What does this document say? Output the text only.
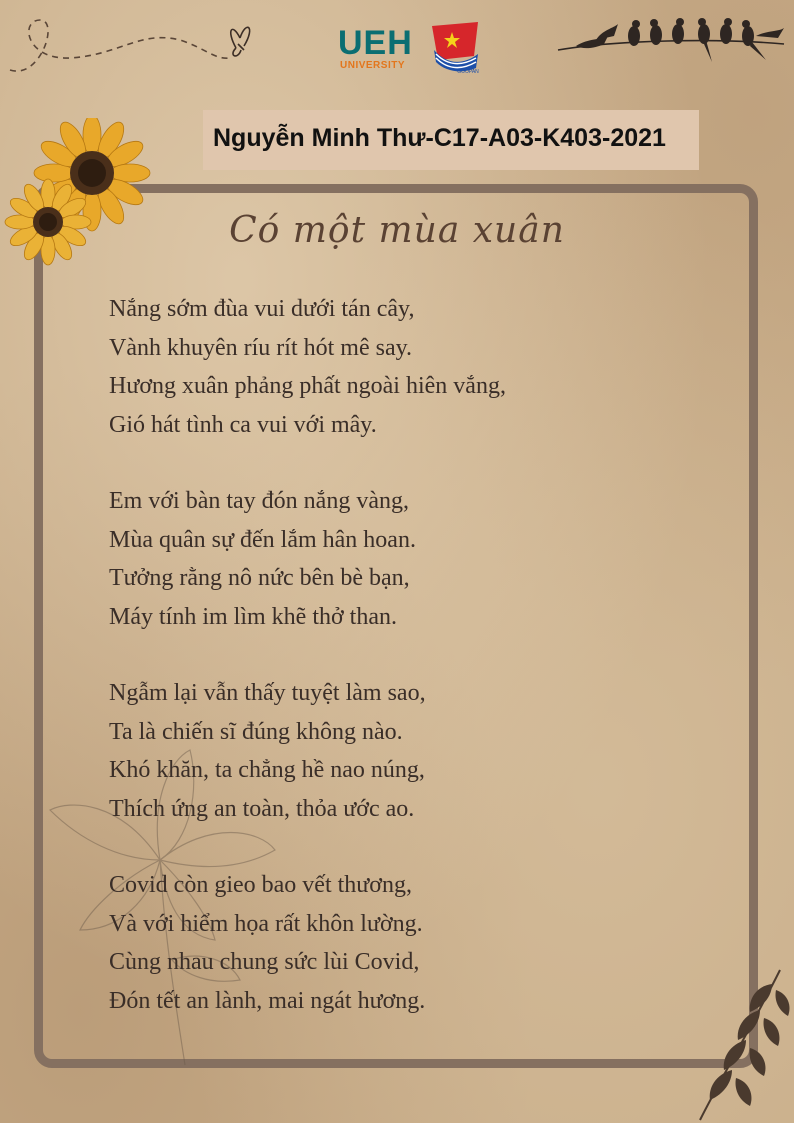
UEH
UNIVERSITY
GOOPAN
Nguyễn Minh Thư-C17-A03-K403-2021
Có một mùa xuân
Nắng sớm đùa vui dưới tán cây,
Vành khuyên ríu rít hót mê say.
Hương xuân phảng phất ngoài hiên vắng,
Gió hát tình ca vui với mây.
Em với bàn tay đón nắng vàng,
Mùa quân sự đến lắm hân hoan.
Tưởng rằng nô nức bên bè bạn,
Máy tính im lìm khẽ thở than.
Ngẫm lại vẫn thấy tuyệt làm sao,
Ta là chiến sĩ đúng không nào.
Khó khăn, ta chẳng hề nao núng,
Thích ứng an toàn, thỏa ước ao.
Covid còn gieo bao vết thương,
Và với hiểm họa rất khôn lường.
Cùng nhau chung sức lùi Covid,
Đón tết an lành, mai ngát hương.
